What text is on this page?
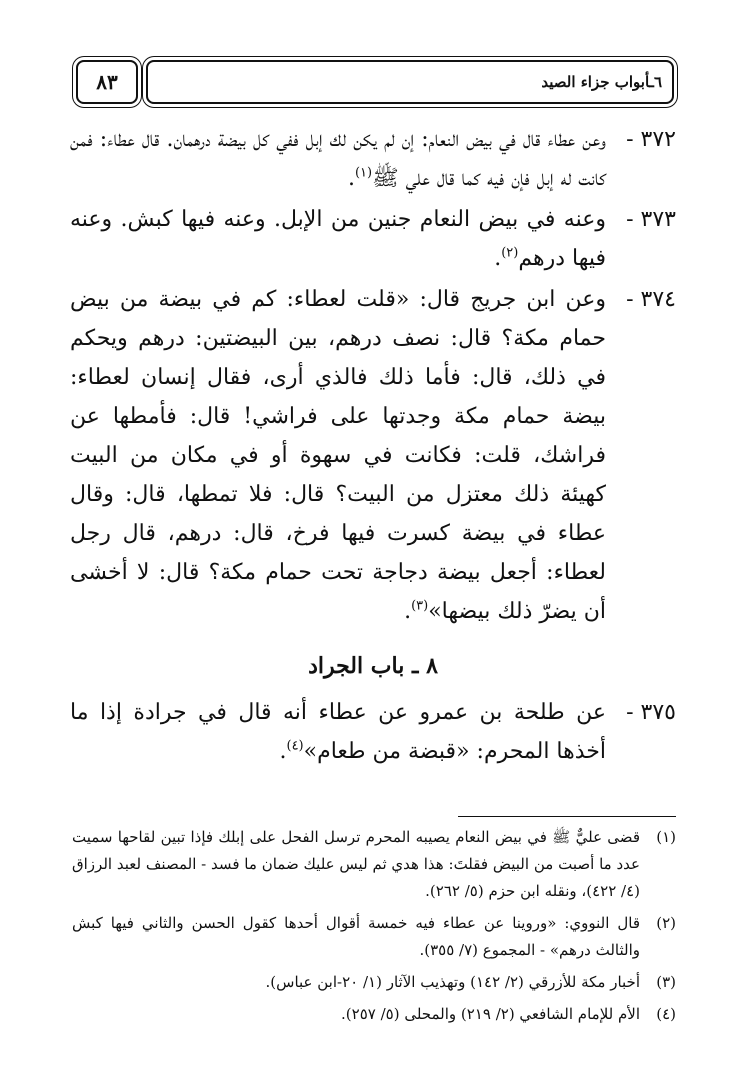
٦ـأبواب جزاء الصيد
٨٣
٣٧٢ -
وعن عطاء قال في بيض النعام: إن لم يكن لك إبل ففي كل بيضة درهمان. قال عطاء: فمن كانت له إبل فإن فيه كما قال علي ﷺ$^{(١)}$.
٣٧٣ -
وعنه في بيض النعام جنين من الإبل. وعنه فيها كبش. وعنه فيها درهم$^{(٢)}$.
٣٧٤ -
وعن ابن جريج قال: «قلت لعطاء: كم في بيضة من بيض حمام مكة؟ قال: نصف درهم، بين البيضتين: درهم ويحكم في ذلك، قال: فأما ذلك فالذي أرى، فقال إنسان لعطاء: بيضة حمام مكة وجدتها على فراشي! قال: فأمطها عن فراشك، قلت: فكانت في سهوة أو في مكان من البيت كهيئة ذلك معتزل من البيت؟ قال: فلا تمطها، قال: وقال عطاء في بيضة كسرت فيها فرخ، قال: درهم، قال رجل لعطاء: أجعل بيضة دجاجة تحت حمام مكة؟ قال: لا أخشى أن يضرّ ذلك بيضها»$^{(٣)}$.
٨ ـ باب الجراد
٣٧٥ -
عن طلحة بن عمرو عن عطاء أنه قال في جرادة إذا ما أخذها المحرم: «قبضة من طعام»$^{(٤)}$.
(١)
قضى عليٌّ ﷺ في بيض النعام يصيبه المحرم ترسل الفحل على إبلك فإذا تبين لقاحها سميت عدد ما أصبت من البيض فقلتَ: هذا هدي ثم ليس عليك ضمان ما فسد - المصنف لعبد الرزاق (٤/ ٤٢٢)، ونقله ابن حزم (٥/ ٢٦٢).
(٢)
قال النووي: «وروينا عن عطاء فيه خمسة أقوال أحدها كقول الحسن والثاني فيها كبش والثالث درهم» - المجموع (٧/ ٣٥٥).
(٣)
أخبار مكة للأزرقي (٢/ ١٤٢) وتهذيب الآثار (١/ ٢٠-ابن عباس).
(٤)
الأم للإمام الشافعي (٢/ ٢١٩) والمحلى (٥/ ٢٥٧).
